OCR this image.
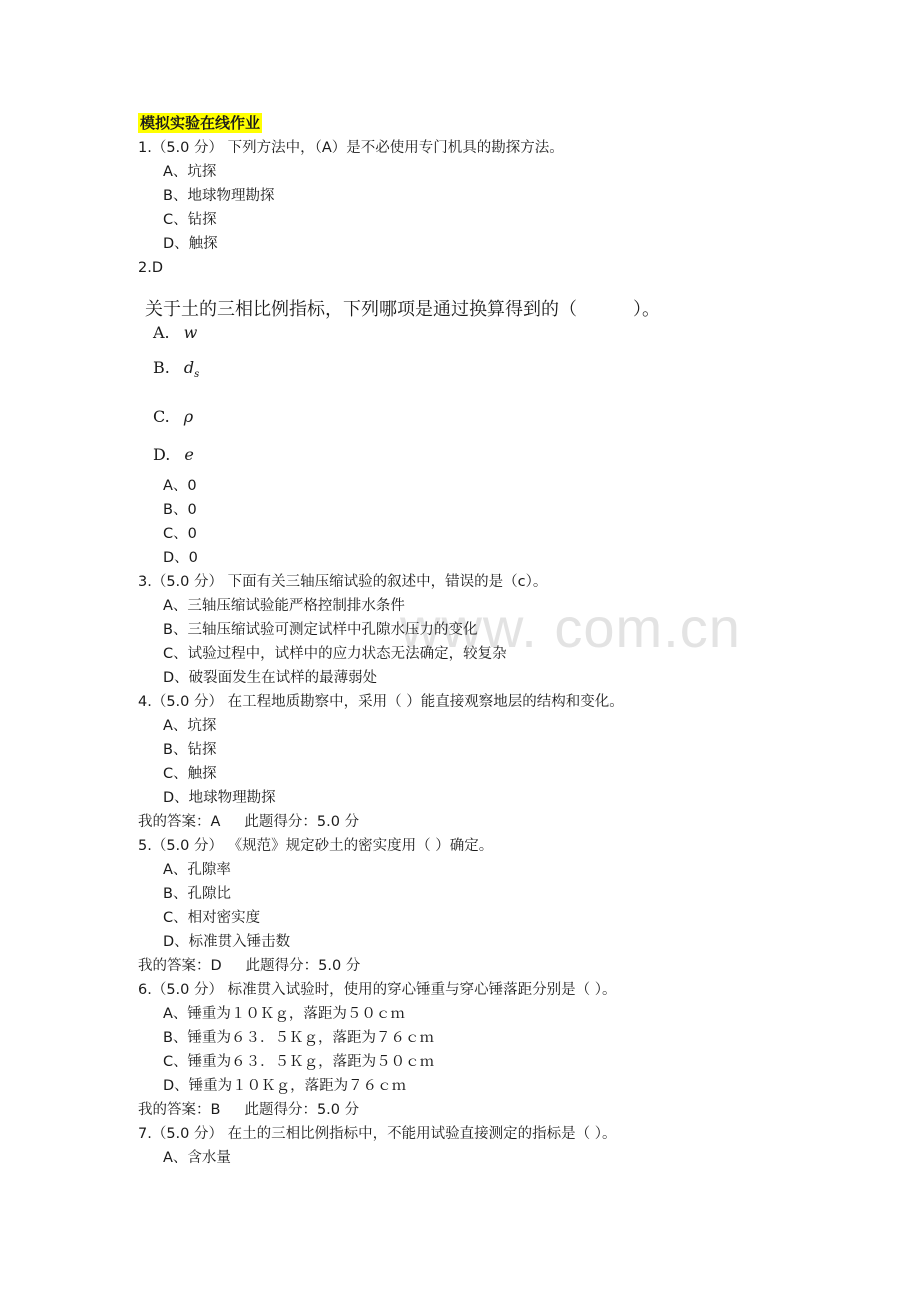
www. com.cn
模拟实验在线作业
1.（5.0 分） 下列方法中，（A）是不必使用专门机具的勘探方法。
A、坑探
B、地球物理勘探
C、钻探
D、触探
2.D
关于土的三相比例指标，下列哪项是通过换算得到的（	）。
A. w
B. $d_s$
C. ρ
D. e
A、0
B、0
C、0
D、0
3.（5.0 分） 下面有关三轴压缩试验的叙述中，错误的是（c）。
A、三轴压缩试验能严格控制排水条件
B、三轴压缩试验可测定试样中孔隙水压力的变化
C、试验过程中，试样中的应力状态无法确定，较复杂
D、破裂面发生在试样的最薄弱处
4.（5.0 分） 在工程地质勘察中，采用（ ）能直接观察地层的结构和变化。
A、坑探
B、钻探
C、触探
D、地球物理勘探
我的答案：A 此题得分：5.0 分
5.（5.0 分） 《规范》规定砂土的密实度用（ ）确定。
A、孔隙率
B、孔隙比
C、相对密实度
D、标准贯入锤击数
我的答案：D 此题得分：5.0 分
6.（5.0 分） 标准贯入试验时，使用的穿心锤重与穿心锤落距分别是（ ）。
A、锤重为１０Ｋｇ，落距为５０ｃｍ
B、锤重为６３．５Ｋｇ，落距为７６ｃｍ
C、锤重为６３．５Ｋｇ，落距为５０ｃｍ
D、锤重为１０Ｋｇ，落距为７６ｃｍ
我的答案：B 此题得分：5.0 分
7.（5.0 分） 在土的三相比例指标中，不能用试验直接测定的指标是（ ）。
A、含水量
